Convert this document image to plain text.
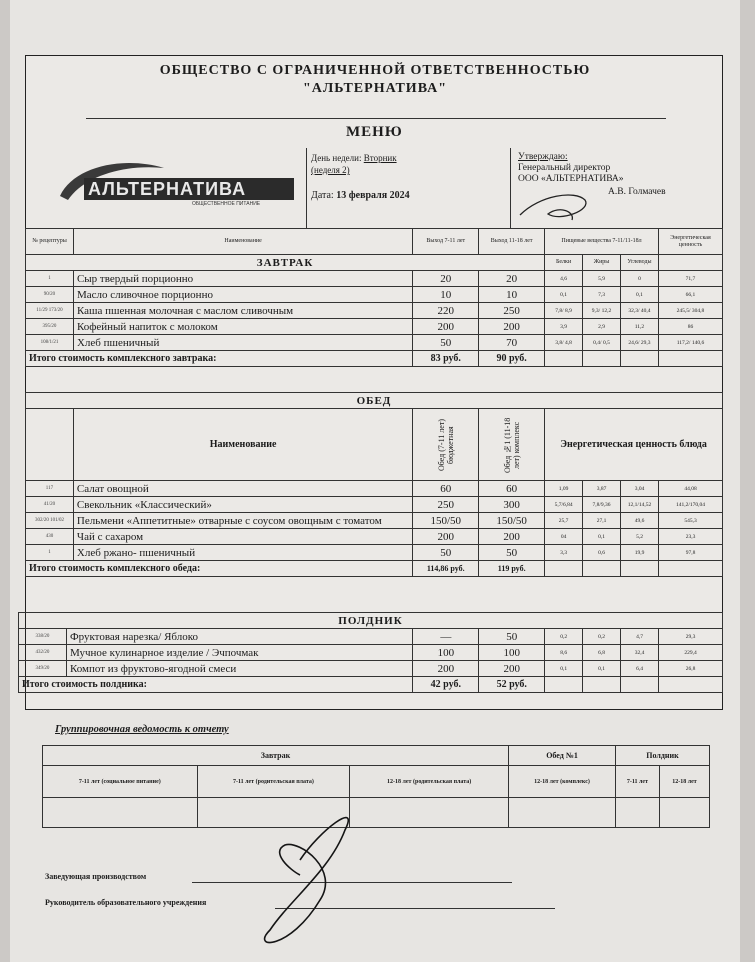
ОБЩЕСТВО С ОГРАНИЧЕННОЙ ОТВЕТСТВЕННОСТЬЮ
"АЛЬТЕРНАТИВА"
МЕНЮ
АЛЬТЕРНАТИВА
ОБЩЕСТВЕННОЕ ПИТАНИЕ
День недели: Вторник
(неделя 2)
Дата: 13 февраля 2024
Утверждаю:
Генеральный директор
ООО «АЛЬТЕРНАТИВА»
А.В. Голмачев
№ рецептуры	Наименование	Выход 7-11 лет	Выход 11-18 лет	Пищевые вещества 7-11/11-18л			Энергетическая ценность
ЗАВТРАК				Белки	Жиры	Углеводы	
1	Сыр твердый порционно	20	20	4,6	5,9	0	71,7
90/20	Масло сливочное порционно	10	10	0,1	7,3	0,1	66,1
11/29 173/20	Каша пшенная молочная с маслом сливочным	220	250	7,8/ 8,9	9,3/ 12,2	32,3/ 40,4	245,5/ 304,8
395/20	Кофейный напиток с молоком	200	200	3,9	2,9	11,2	86
108/1/21	Хлеб пшеничный	50	70	3,8/ 4,8	0,4/ 0,5	24,6/ 29,3	117,2/ 140,6
Итого стоимость комплексного завтрака:		83 руб.	90 руб.				
ОБЕД							
	Наименование	Обед (7-11 лет) бюджетная	Обед №1 (11-18 лет) комплекс	Энергетическая ценность блюда			
117	Салат овощной	60	60	1,09	3,87	3,04	44,08
41/20	Свекольник «Классический»	250	300	5,7/6,84	7,8/9,36	12,1/14,52	141,2/170,04
302/20 101/02	Пельмени «Аппетитные» отварные с соусом овощным с томатом	150/50	150/50	25,7	27,1	49,6	545,3
430	Чай с сахаром	200	200	04	0,1	5,2	23,3
1	Хлеб ржано- пшеничный	50	50	3,3	0,6	19,9	97,8
Итого стоимость комплексного обеда:		114,86 руб.	119 руб.				
ПОЛДНИК							
338/20	Фруктовая нарезка/ Яблоко	—	50	0,2	0,2	4,7	29,3
432/20	Мучное кулинарное изделие / Эчпочмак	100	100	8,6	6,8	32,4	229,4
349/20	Компот из фруктово-ягодной смеси	200	200	0,1	0,1	6,4	26,8
Итого стоимость полдника:		42 руб.	52 руб.				
Группировочная ведомость к отчету
Завтрак			Обед №1	Полдник	
7-11 лет (социальное питание)	7-11 лет (родительская плата)	12-18 лет (родительская плата)	12-18 лет (комплекс)	7-11 лет	12-18 лет

Заведующая производством
Руководитель образовательного учреждения
